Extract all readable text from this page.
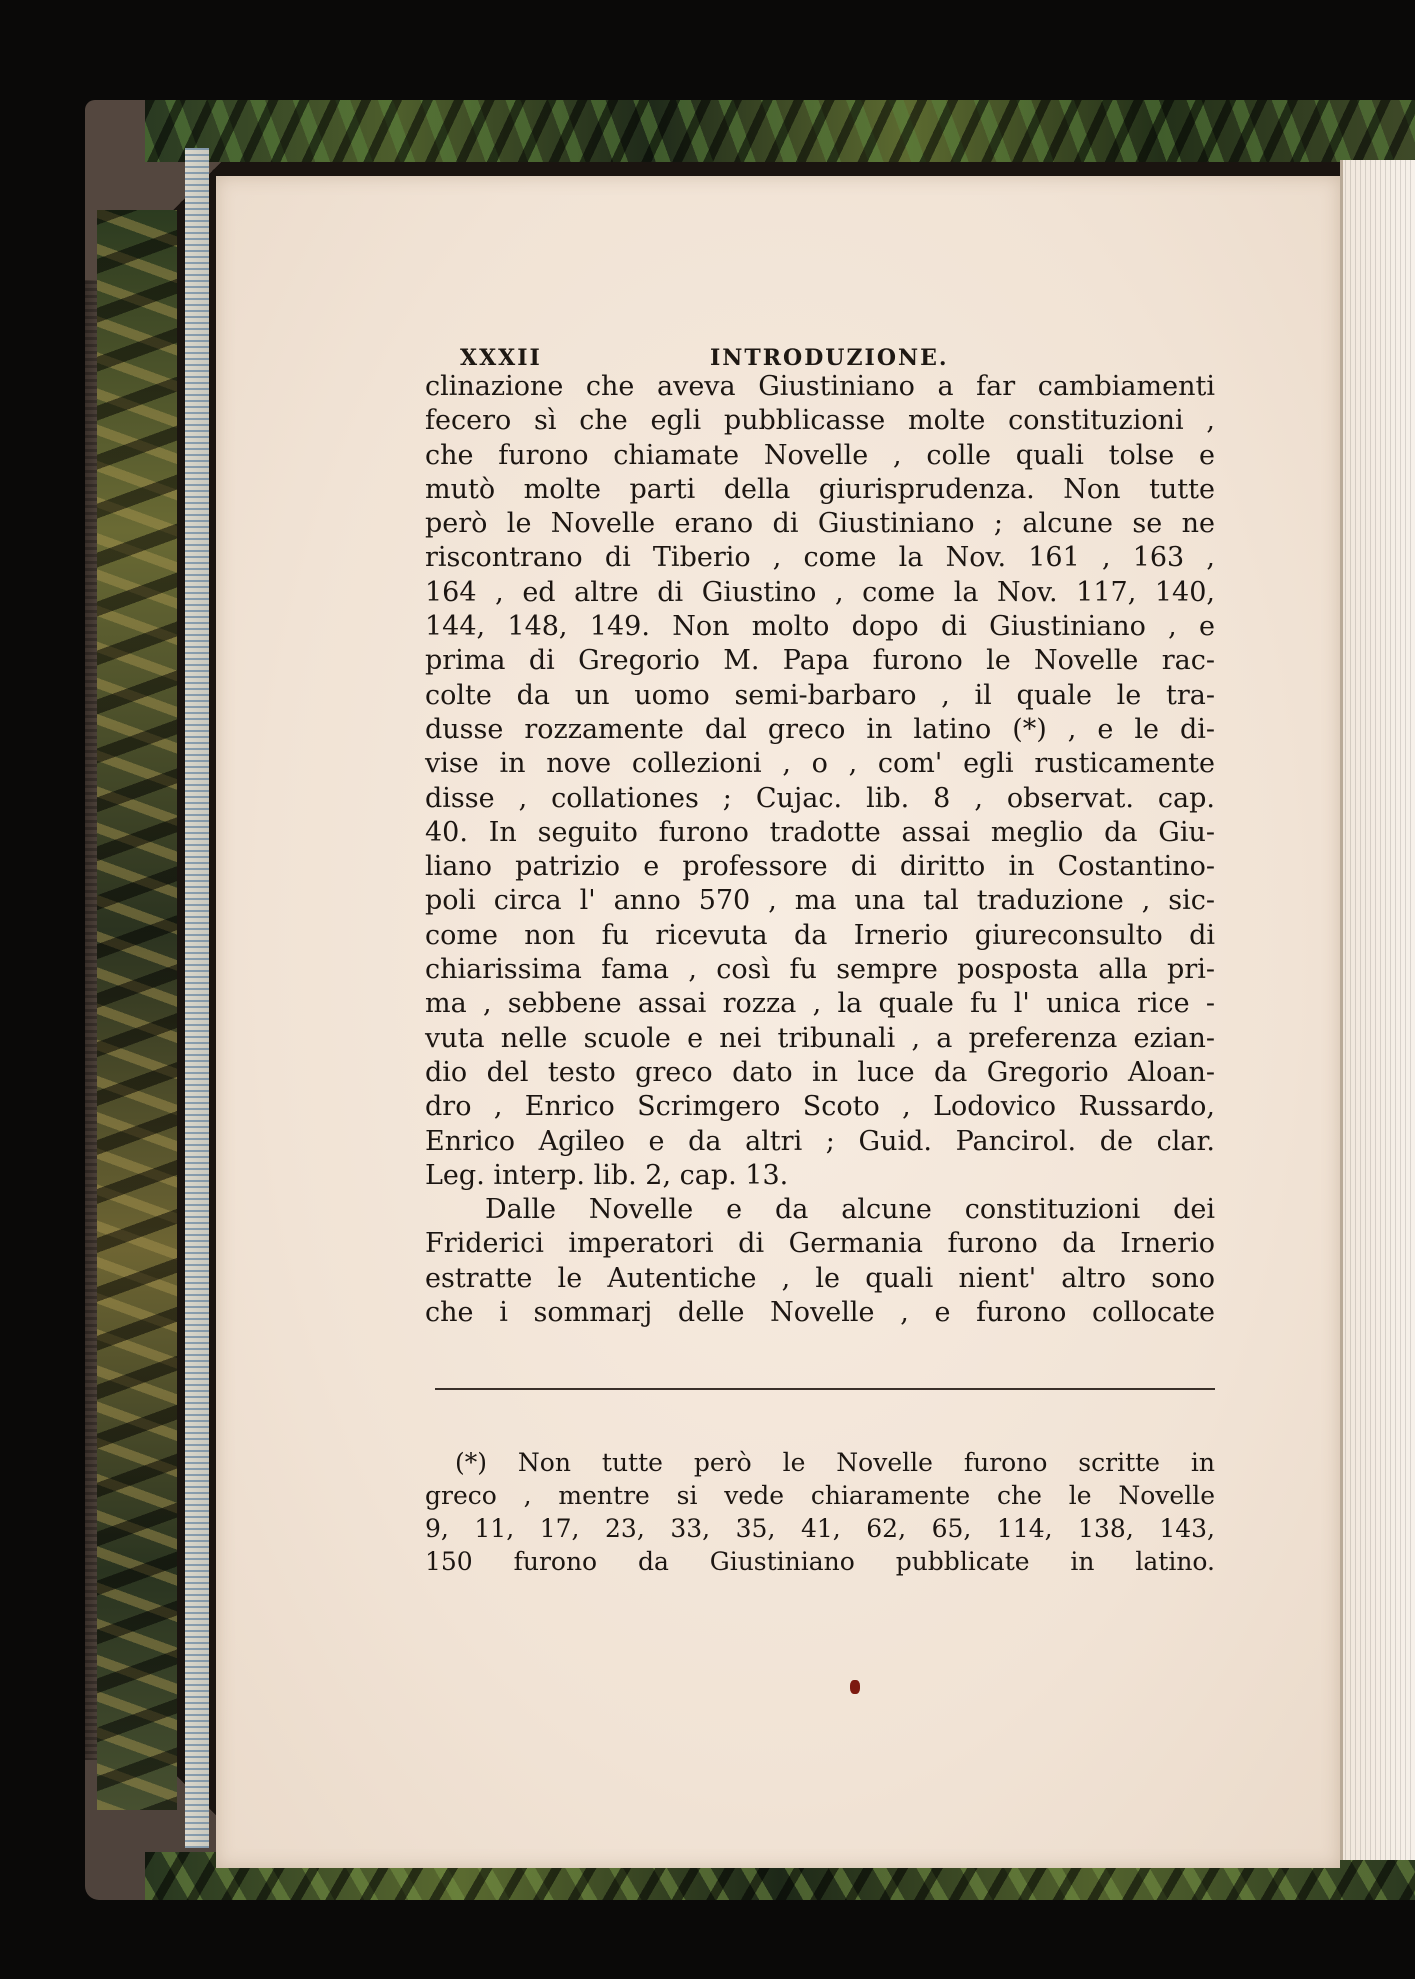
XXXII	INTRODUZIONE.
clinazione che aveva Giustiniano a far cambiamenti
fecero sì che egli pubblicasse molte constituzioni ,
che furono chiamate Novelle , colle quali tolse e
mutò molte parti della giurisprudenza. Non tutte
però le Novelle erano di Giustiniano ; alcune se ne
riscontrano di Tiberio , come la Nov. 161 , 163 ,
164 , ed altre di Giustino , come la Nov. 117, 140,
144, 148, 149. Non molto dopo di Giustiniano , e
prima di Gregorio M. Papa furono le Novelle rac-
colte da un uomo semi-barbaro , il quale le tra-
dusse rozzamente dal greco in latino (*) , e le di-
vise in nove collezioni , o , com' egli rusticamente
disse , collationes ; Cujac. lib. 8 , observat. cap.
40. In seguito furono tradotte assai meglio da Giu-
liano patrizio e professore di diritto in Costantino-
poli circa l' anno 570 , ma una tal traduzione , sic-
come non fu ricevuta da Irnerio giureconsulto di
chiarissima fama , così fu sempre posposta alla pri-
ma , sebbene assai rozza , la quale fu l' unica rice -
vuta nelle scuole e nei tribunali , a preferenza ezian-
dio del testo greco dato in luce da Gregorio Aloan-
dro , Enrico Scrimgero Scoto , Lodovico Russardo,
Enrico Agileo e da altri ; Guid. Pancirol. de clar.
Leg. interp. lib. 2, cap. 13.
Dalle Novelle e da alcune constituzioni dei
Friderici imperatori di Germania furono da Irnerio
estratte le Autentiche , le quali nient' altro sono
che i sommarj delle Novelle , e furono collocate
(*) Non tutte però le Novelle furono scritte in
greco , mentre si vede chiaramente che le Novelle
9, 11, 17, 23, 33, 35, 41, 62, 65, 114, 138, 143,
150 furono da Giustiniano pubblicate in latino.
